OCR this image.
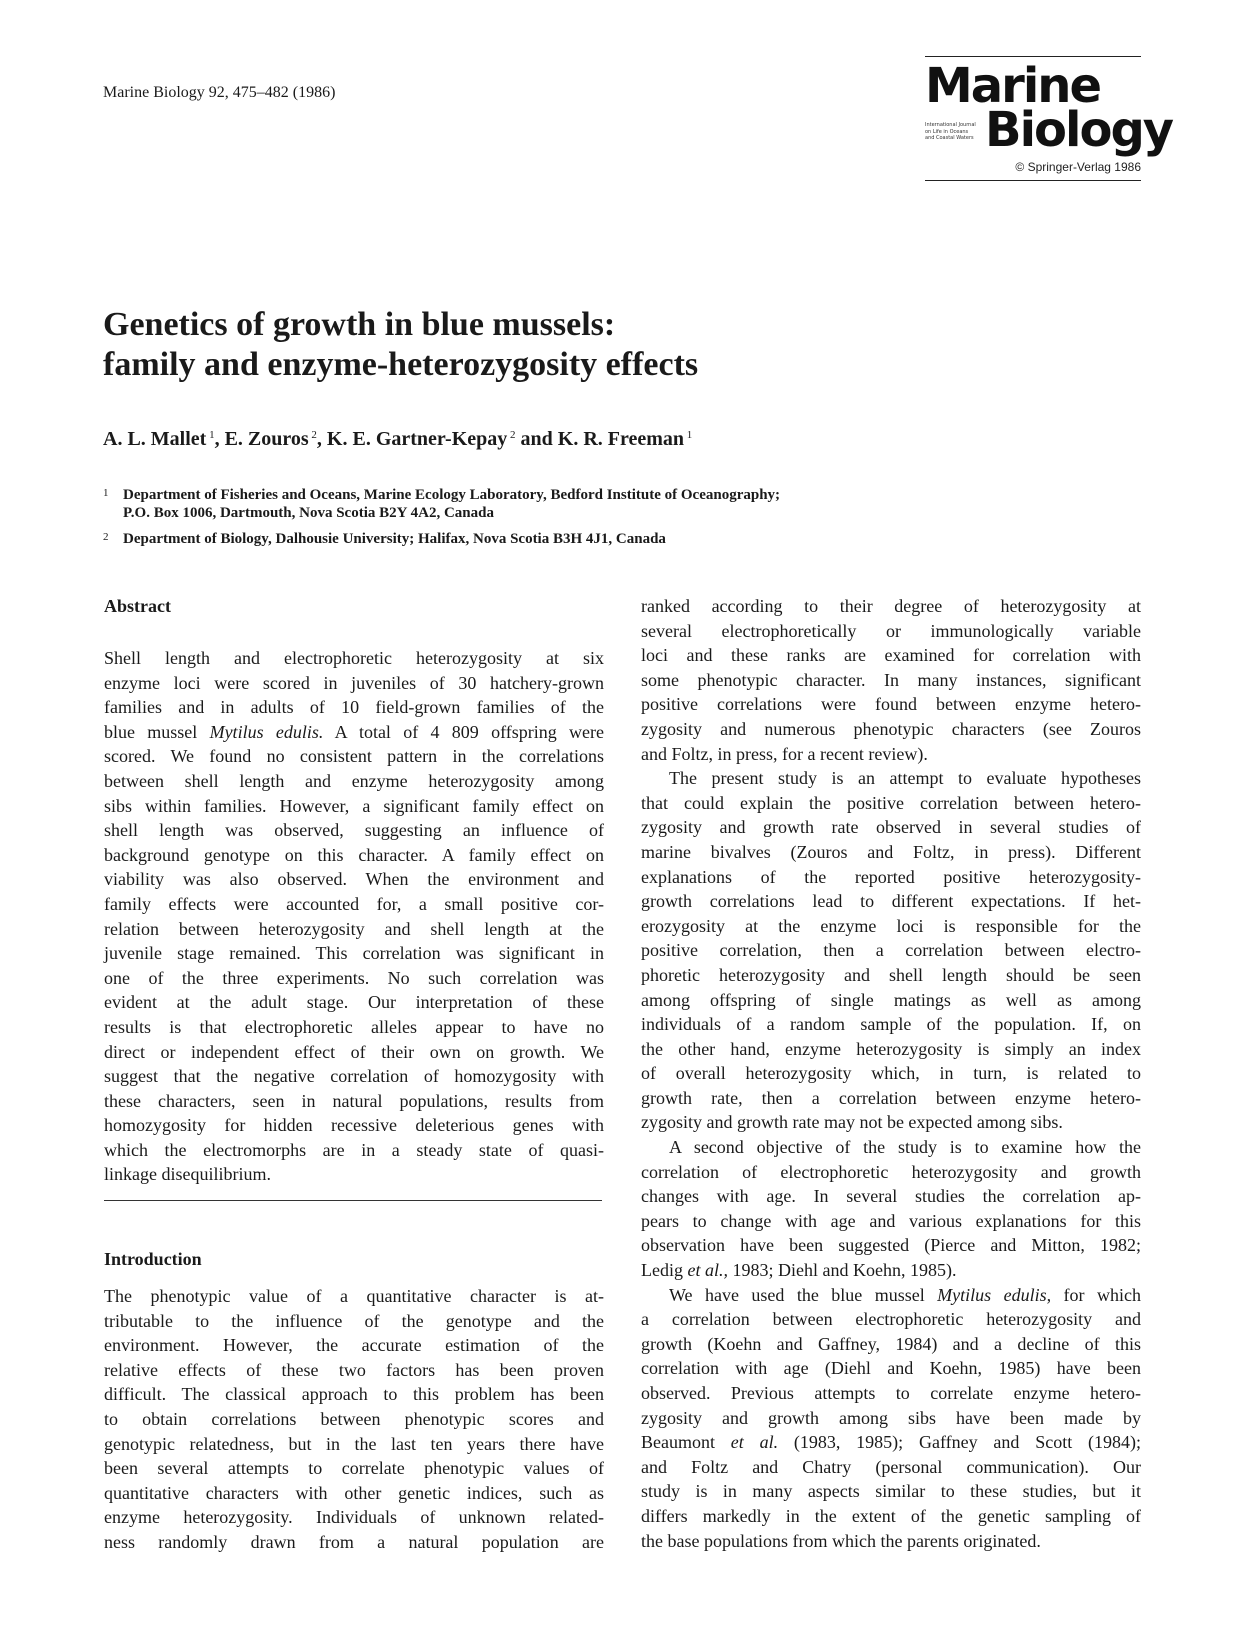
Marine Biology 92, 475–482 (1986)	Marine
International Journal
on Life in Oceans
and Coastal Waters Biology
© Springer-Verlag 1986
Genetics of growth in blue mussels:
family and enzyme-heterozygosity effects
A. L. Mallet $^1$, E. Zouros $^2$, K. E. Gartner-Kepay $^2$ and K. R. Freeman $^1$
1 Department of Fisheries and Oceans, Marine Ecology Laboratory, Bedford Institute of Oceanography;
P.O. Box 1006, Dartmouth, Nova Scotia B2Y 4A2, Canada
2 Department of Biology, Dalhousie University; Halifax, Nova Scotia B3H 4J1, Canada
Abstract
Shell length and electrophoretic heterozygosity at six
enzyme loci were scored in juveniles of 30 hatchery-grown
families and in adults of 10 field-grown families of the
blue mussel Mytilus edulis. A total of 4 809 offspring were
scored. We found no consistent pattern in the correlations
between shell length and enzyme heterozygosity among
sibs within families. However, a significant family effect on
shell length was observed, suggesting an influence of
background genotype on this character. A family effect on
viability was also observed. When the environment and
family effects were accounted for, a small positive cor-
relation between heterozygosity and shell length at the
juvenile stage remained. This correlation was significant in
one of the three experiments. No such correlation was
evident at the adult stage. Our interpretation of these
results is that electrophoretic alleles appear to have no
direct or independent effect of their own on growth. We
suggest that the negative correlation of homozygosity with
these characters, seen in natural populations, results from
homozygosity for hidden recessive deleterious genes with
which the electromorphs are in a steady state of quasi-
linkage disequilibrium.
Introduction
The phenotypic value of a quantitative character is at-
tributable to the influence of the genotype and the
environment. However, the accurate estimation of the
relative effects of these two factors has been proven
difficult. The classical approach to this problem has been
to obtain correlations between phenotypic scores and
genotypic relatedness, but in the last ten years there have
been several attempts to correlate phenotypic values of
quantitative characters with other genetic indices, such as
enzyme heterozygosity. Individuals of unknown related-
ness randomly drawn from a natural population are
ranked according to their degree of heterozygosity at
several electrophoretically or immunologically variable
loci and these ranks are examined for correlation with
some phenotypic character. In many instances, significant
positive correlations were found between enzyme hetero-
zygosity and numerous phenotypic characters (see Zouros
and Foltz, in press, for a recent review).
The present study is an attempt to evaluate hypotheses
that could explain the positive correlation between hetero-
zygosity and growth rate observed in several studies of
marine bivalves (Zouros and Foltz, in press). Different
explanations of the reported positive heterozygosity-
growth correlations lead to different expectations. If het-
erozygosity at the enzyme loci is responsible for the
positive correlation, then a correlation between electro-
phoretic heterozygosity and shell length should be seen
among offspring of single matings as well as among
individuals of a random sample of the population. If, on
the other hand, enzyme heterozygosity is simply an index
of overall heterozygosity which, in turn, is related to
growth rate, then a correlation between enzyme hetero-
zygosity and growth rate may not be expected among sibs.
A second objective of the study is to examine how the
correlation of electrophoretic heterozygosity and growth
changes with age. In several studies the correlation ap-
pears to change with age and various explanations for this
observation have been suggested (Pierce and Mitton, 1982;
Ledig et al., 1983; Diehl and Koehn, 1985).
We have used the blue mussel Mytilus edulis, for which
a correlation between electrophoretic heterozygosity and
growth (Koehn and Gaffney, 1984) and a decline of this
correlation with age (Diehl and Koehn, 1985) have been
observed. Previous attempts to correlate enzyme hetero-
zygosity and growth among sibs have been made by
Beaumont et al. (1983, 1985); Gaffney and Scott (1984);
and Foltz and Chatry (personal communication). Our
study is in many aspects similar to these studies, but it
differs markedly in the extent of the genetic sampling of
the base populations from which the parents originated.
